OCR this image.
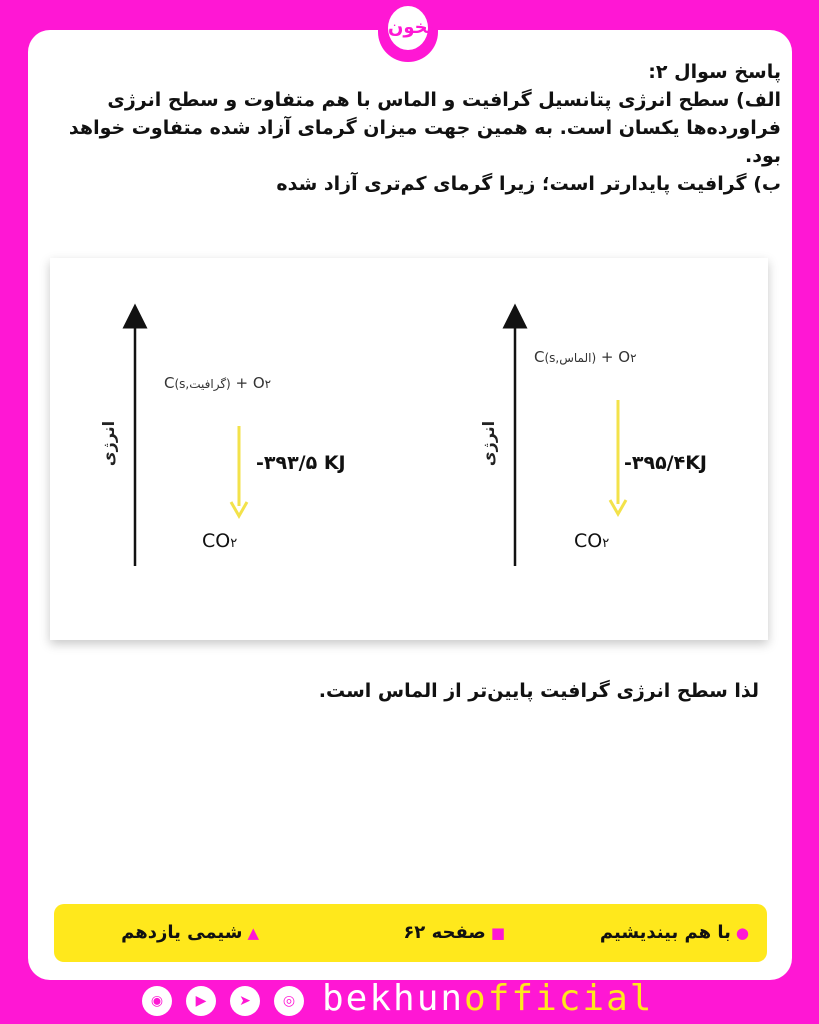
بخون

پاسخ سوال ۲:

الف) سطح انرژی پتانسیل گرافیت و الماس با هم متفاوت و سطح انرژی فراورده‌ها یکسان است. به همین جهت میزان گرمای آزاد شده متفاوت خواهد بود.

ب) گرافیت پایدارتر است؛ زیرا گرمای کم‌تری آزاد شده

انرژی	انرژی
C(s,گرافیت) + O۲
C(s,الماس) + O۲
-۳۹۳/۵ KJ	-۳۹۵/۴KJ
CO۲	CO۲
لذا سطح انرژی گرافیت پایین‌تر از الماس است.
●با هم بیندیشیم
■صفحه ۶۲
▲شیمی یازدهم
◉	▶	➤	◎ bekhunofficial
